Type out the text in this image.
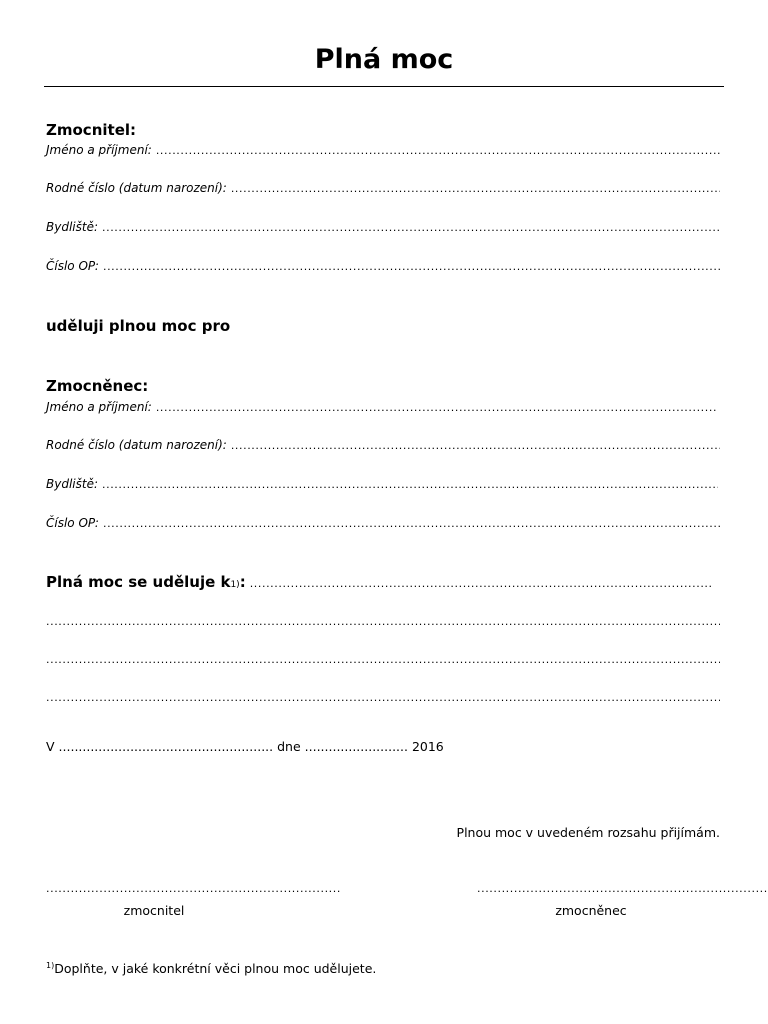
Plná moc
Zmocnitel:
Jméno a příjmení:
.....
Rodné číslo (datum narození):
.....
Bydliště:
.....
Číslo OP:
.....
uděluji plnou moc pro
Zmocněnec:
Jméno a příjmení:
.....
Rodné číslo (datum narození):
.....
Bydliště:
.....
Číslo OP:
.....
Plná moc se uděluje $k_{1)}$ :
.....
.....
.....
.....
V ...................................................... dne .......................... 2016
Plnou moc v uvedeném rozsahu přijímám.
.....
zmocnitel
.....	zmocněnec
$^{1)}$Doplňte, v jaké konkrétní věci plnou moc udělujete.
